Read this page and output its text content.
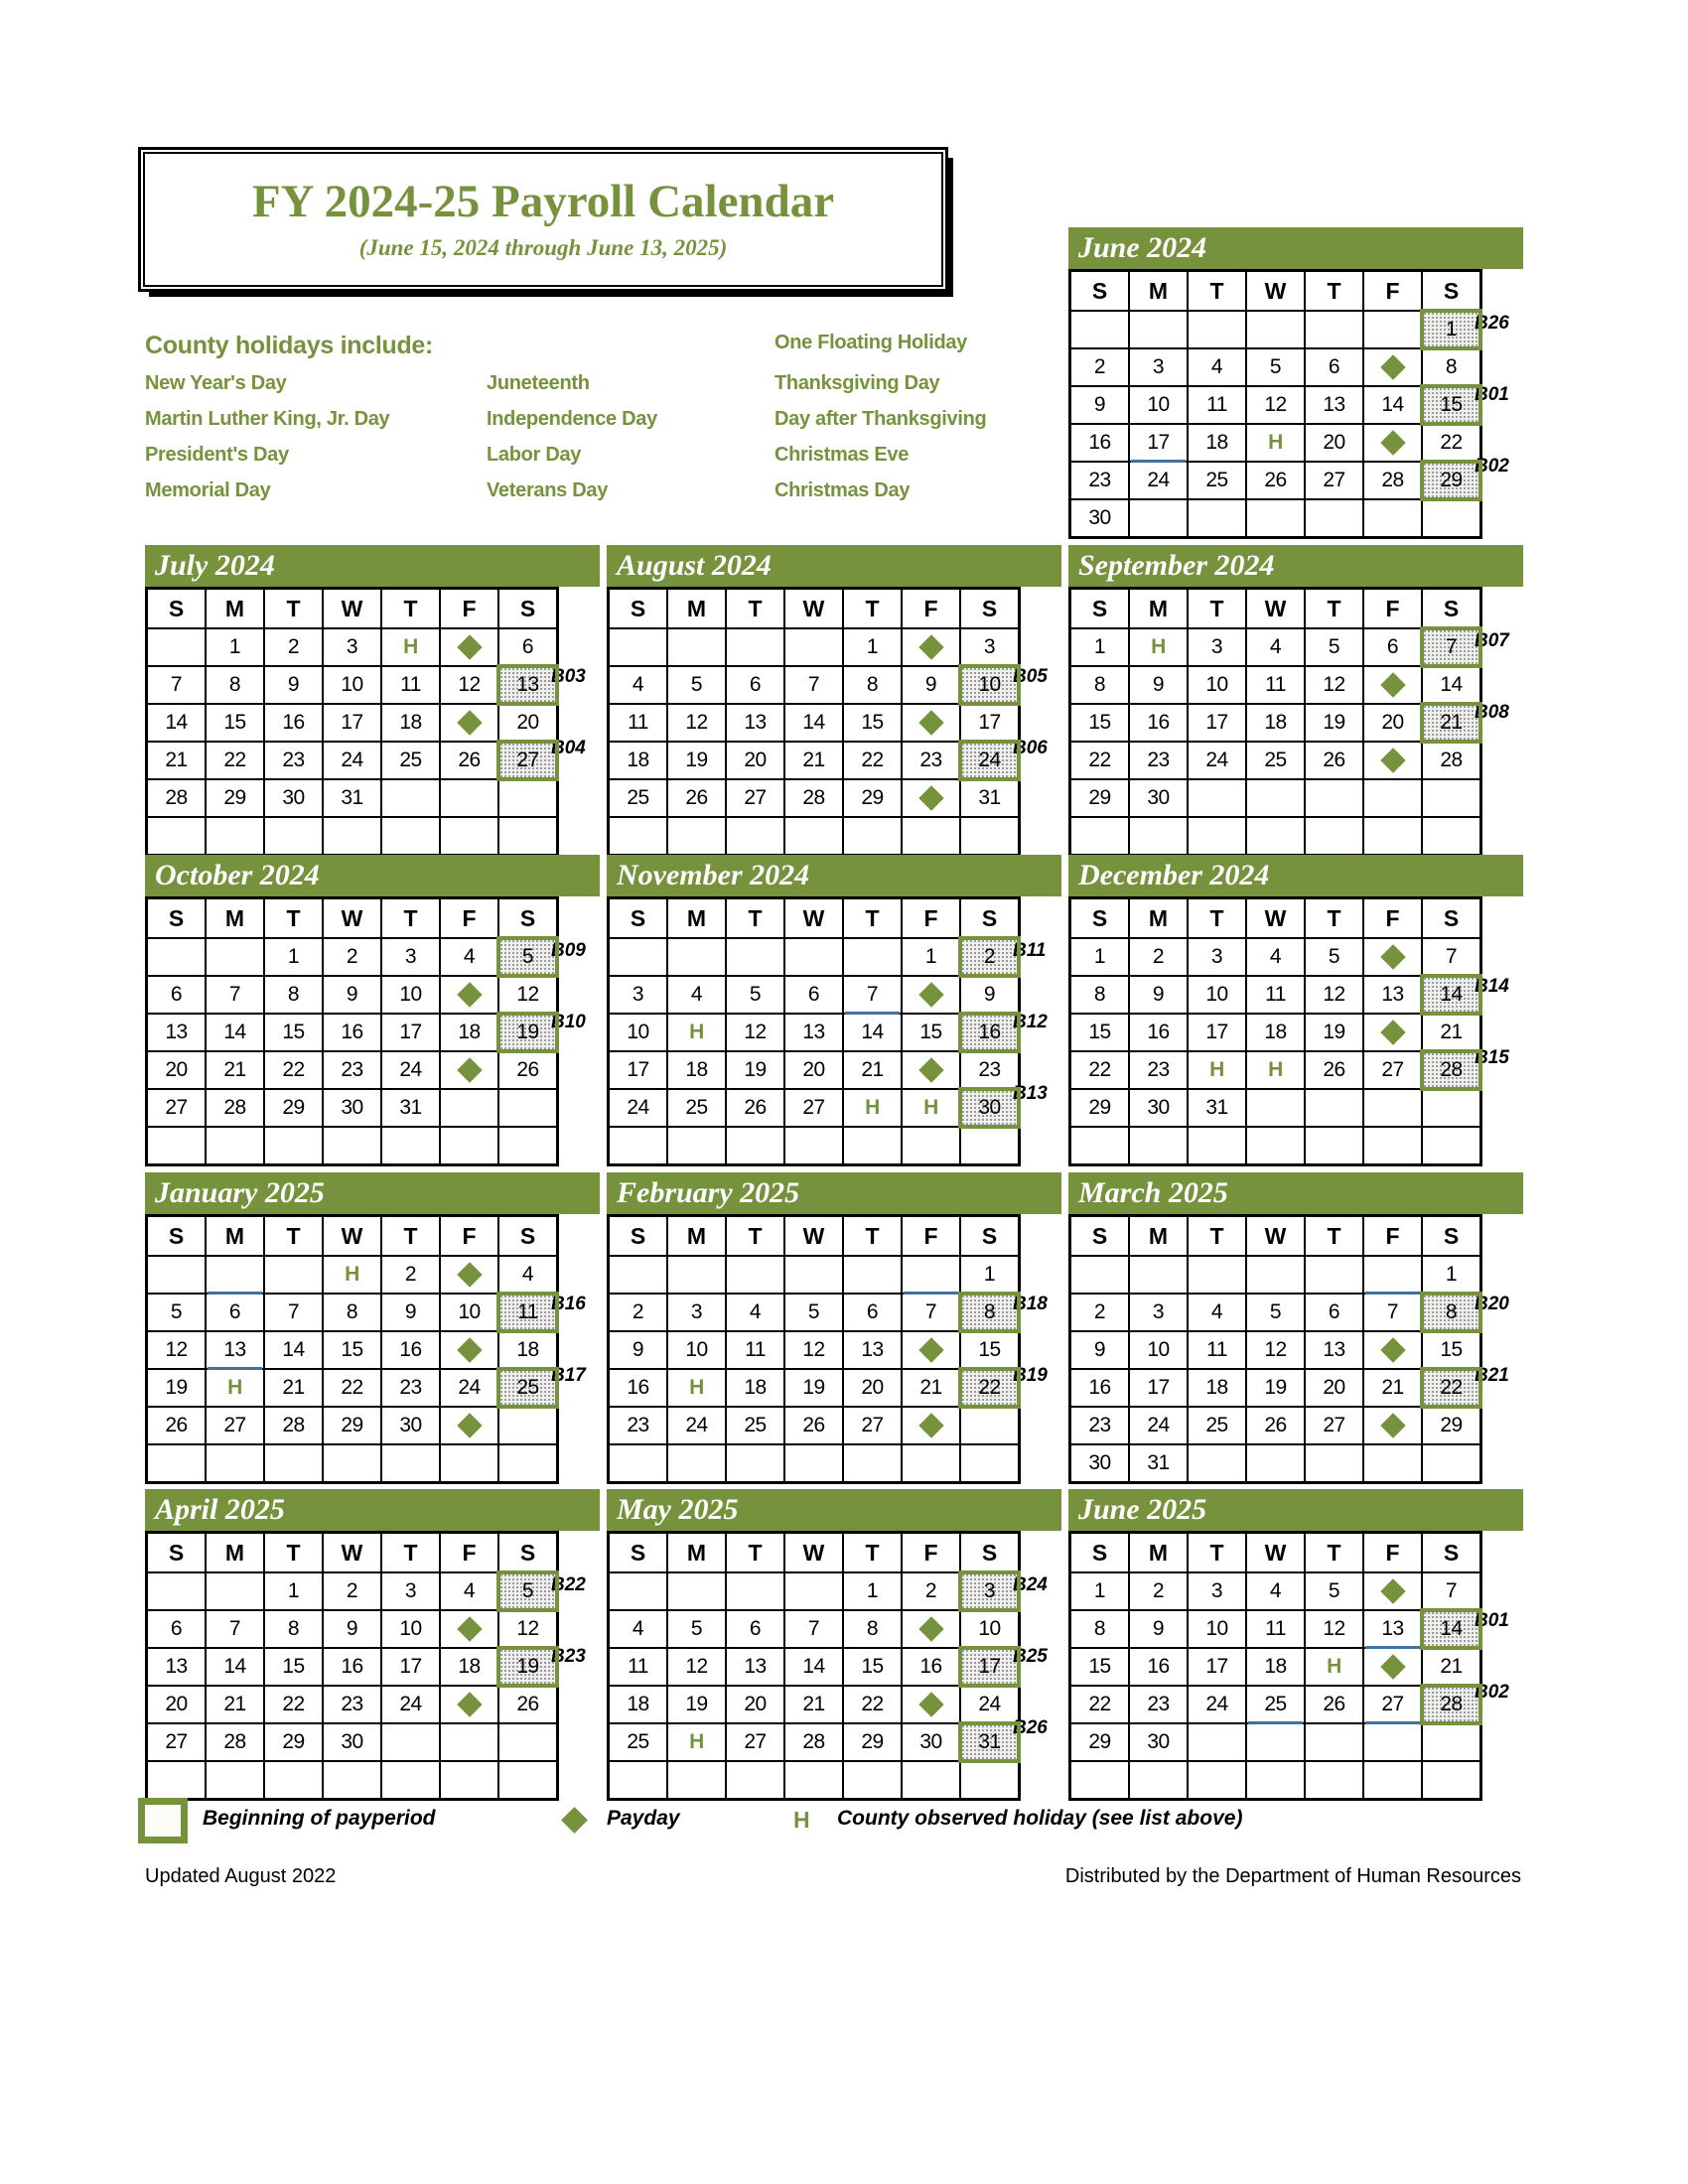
FY 2024-25 Payroll Calendar
(June 15, 2024 through June 13, 2025)
County holidays include:	One Floating Holiday
New Year's Day	Juneteenth	Thanksgiving Day
Martin Luther King, Jr. Day	Independence Day	Day after Thanksgiving
President's Day	Labor Day	Christmas Eve
Memorial Day	Veterans Day	Christmas Day
June 2024
S	M	T	W	T	F	S
						1
2	3	4	5	6		8
9	10	11	12	13	14	15
16	17	18	H	20		22
23	24	25	26	27	28	29
30						
B26
B01
B02
July 2024
S	M	T	W	T	F	S
	1	2	3	H		6
7	8	9	10	11	12	13
14	15	16	17	18		20
21	22	23	24	25	26	27
28	29	30	31			

B03
B04
August 2024
S	M	T	W	T	F	S
				1		3
4	5	6	7	8	9	10
11	12	13	14	15		17
18	19	20	21	22	23	24
25	26	27	28	29		31

B05
B06
September 2024
S	M	T	W	T	F	S
1	H	3	4	5	6	7
8	9	10	11	12		14
15	16	17	18	19	20	21
22	23	24	25	26		28
29	30					

B07
B08
October 2024
S	M	T	W	T	F	S
		1	2	3	4	5
6	7	8	9	10		12
13	14	15	16	17	18	19
20	21	22	23	24		26
27	28	29	30	31		

B09
B10
November 2024
S	M	T	W	T	F	S
					1	2
3	4	5	6	7		9
10	H	12	13	14	15	16
17	18	19	20	21		23
24	25	26	27	H	H	30

B11
B12
B13
December 2024
S	M	T	W	T	F	S
1	2	3	4	5		7
8	9	10	11	12	13	14
15	16	17	18	19		21
22	23	H	H	26	27	28
29	30	31				

B14
B15
January 2025
S	M	T	W	T	F	S
			H	2		4
5	6	7	8	9	10	11
12	13	14	15	16		18
19	H	21	22	23	24	25
26	27	28	29	30		

B16
B17
February 2025
S	M	T	W	T	F	S
						1
2	3	4	5	6	7	8
9	10	11	12	13		15
16	H	18	19	20	21	22
23	24	25	26	27		

B18
B19
March 2025
S	M	T	W	T	F	S
						1
2	3	4	5	6	7	8
9	10	11	12	13		15
16	17	18	19	20	21	22
23	24	25	26	27		29
30	31					
B20
B21
April 2025
S	M	T	W	T	F	S
		1	2	3	4	5
6	7	8	9	10		12
13	14	15	16	17	18	19
20	21	22	23	24		26
27	28	29	30			

B22
B23
May 2025
S	M	T	W	T	F	S
				1	2	3
4	5	6	7	8		10
11	12	13	14	15	16	17
18	19	20	21	22		24
25	H	27	28	29	30	31

B24
B25
B26
June 2025
S	M	T	W	T	F	S
1	2	3	4	5		7
8	9	10	11	12	13	14
15	16	17	18	H		21
22	23	24	25	26	27	28
29	30					

B01
B02
Beginning of payperiod	Payday	H County observed holiday (see list above)
Updated August 2022	Distributed by the Department of Human Resources
